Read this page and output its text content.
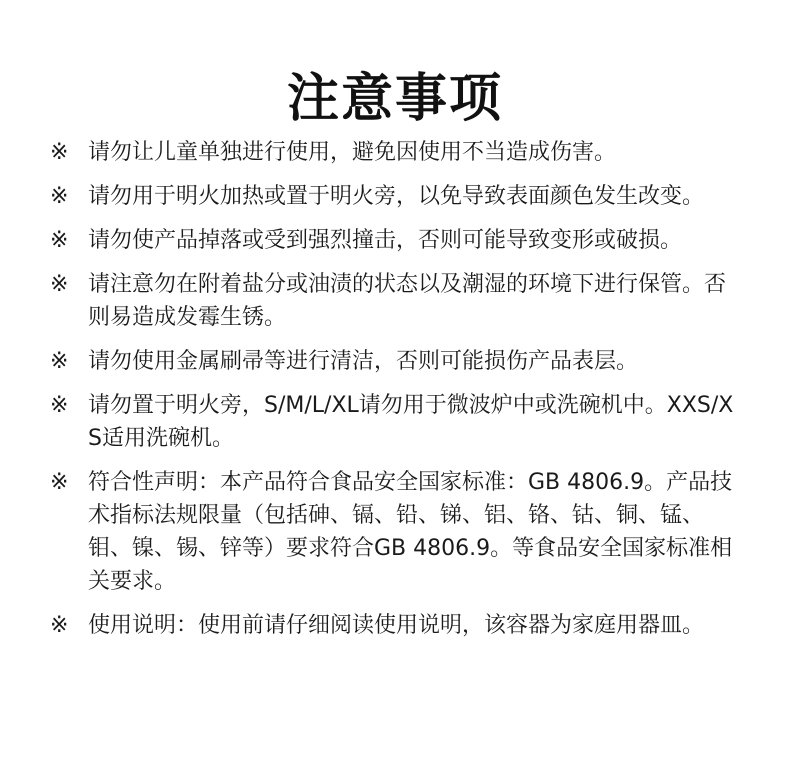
注意事项
※ 请勿让儿童单独进行使用，避免因使用不当造成伤害。
※ 请勿用于明火加热或置于明火旁，以免导致表面颜色发生改变。
※ 请勿使产品掉落或受到强烈撞击，否则可能导致变形或破损。
※ 请注意勿在附着盐分或油渍的状态以及潮湿的环境下进行保管。否则易造成发霉生锈。
※ 请勿使用金属刷帚等进行清洁，否则可能损伤产品表层。
※ 请勿置于明火旁，S/M/L/XL请勿用于微波炉中或洗碗机中。XXS/XS适用洗碗机。
※ 符合性声明：本产品符合食品安全国家标准：GB 4806.9。产品技术指标法规限量（包括砷、镉、铅、锑、铝、铬、钴、铜、锰、钼、镍、锡、锌等）要求符合GB 4806.9。等食品安全国家标准相关要求。
※ 使用说明：使用前请仔细阅读使用说明，该容器为家庭用器皿。
